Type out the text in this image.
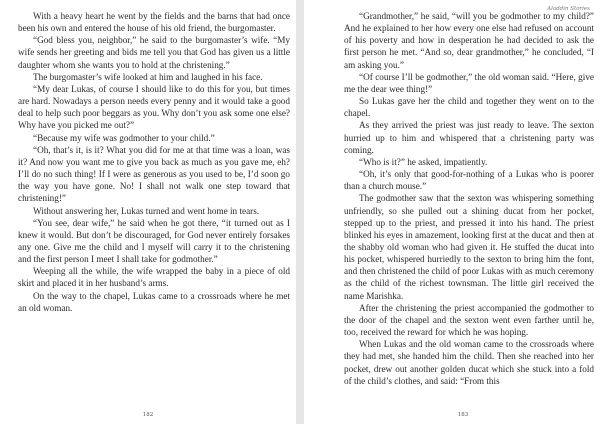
With a heavy heart he went by the fields and the barns that had once been his own and entered the house of his old friend, the burgomaster.

“God bless you, neighbor,” he said to the burgomaster’s wife. “My wife sends her greeting and bids me tell you that God has given us a little daughter whom she wants you to hold at the christening.”

The burgomaster’s wife looked at him and laughed in his face.

“My dear Lukas, of course I should like to do this for you, but times are hard. Nowadays a person needs every penny and it would take a good deal to help such poor beggars as you. Why don’t you ask some one else? Why have you picked me out?”

“Because my wife was godmother to your child.”

“Oh, that’s it, is it? What you did for me at that time was a loan, was it? And now you want me to give you back as much as you gave me, eh? I’ll do no such thing! If I were as generous as you used to be, I’d soon go the way you have gone. No! I shall not walk one step toward that christening!”

Without answering her, Lukas turned and went home in tears.

“You see, dear wife,” he said when he got there, “it turned out as I knew it would. But don’t be discouraged, for God never entirely forsakes any one. Give me the child and I myself will carry it to the christening and the first person I meet I shall take for godmother.”

Weeping all the while, the wife wrapped the baby in a piece of old skirt and placed it in her husband’s arms.

On the way to the chapel, Lukas came to a crossroads where he met an old woman.

182
Aladdin Stories

“Grandmother,” he said, “will you be godmother to my child?” And he explained to her how every one else had refused on account of his poverty and how in desperation he had decided to ask the first person he met. “And so, dear grandmother,” he concluded, “I am asking you.”

“Of course I’ll be godmother,” the old woman said. “Here, give me the dear wee thing!”

So Lukas gave her the child and together they went on to the chapel.

As they arrived the priest was just ready to leave. The sexton hurried up to him and whispered that a christening party was coming.

“Who is it?” he asked, impatiently.

“Oh, it’s only that good-for-nothing of a Lukas who is poorer than a church mouse.”

The godmother saw that the sexton was whispering something unfriendly, so she pulled out a shining ducat from her pocket, stepped up to the priest, and pressed it into his hand. The priest blinked his eyes in amazement, looking first at the ducat and then at the shabby old woman who had given it. He stuffed the ducat into his pocket, whispered hurriedly to the sexton to bring him the font, and then christened the child of poor Lukas with as much ceremony as the child of the richest townsman. The little girl received the name Marishka.

After the christening the priest accompanied the godmother to the door of the chapel and the sexton went even farther until he, too, received the reward for which he was hoping.

When Lukas and the old woman came to the crossroads where they had met, she handed him the child. Then she reached into her pocket, drew out another golden ducat which she stuck into a fold of the child’s clothes, and said: “From this

183
